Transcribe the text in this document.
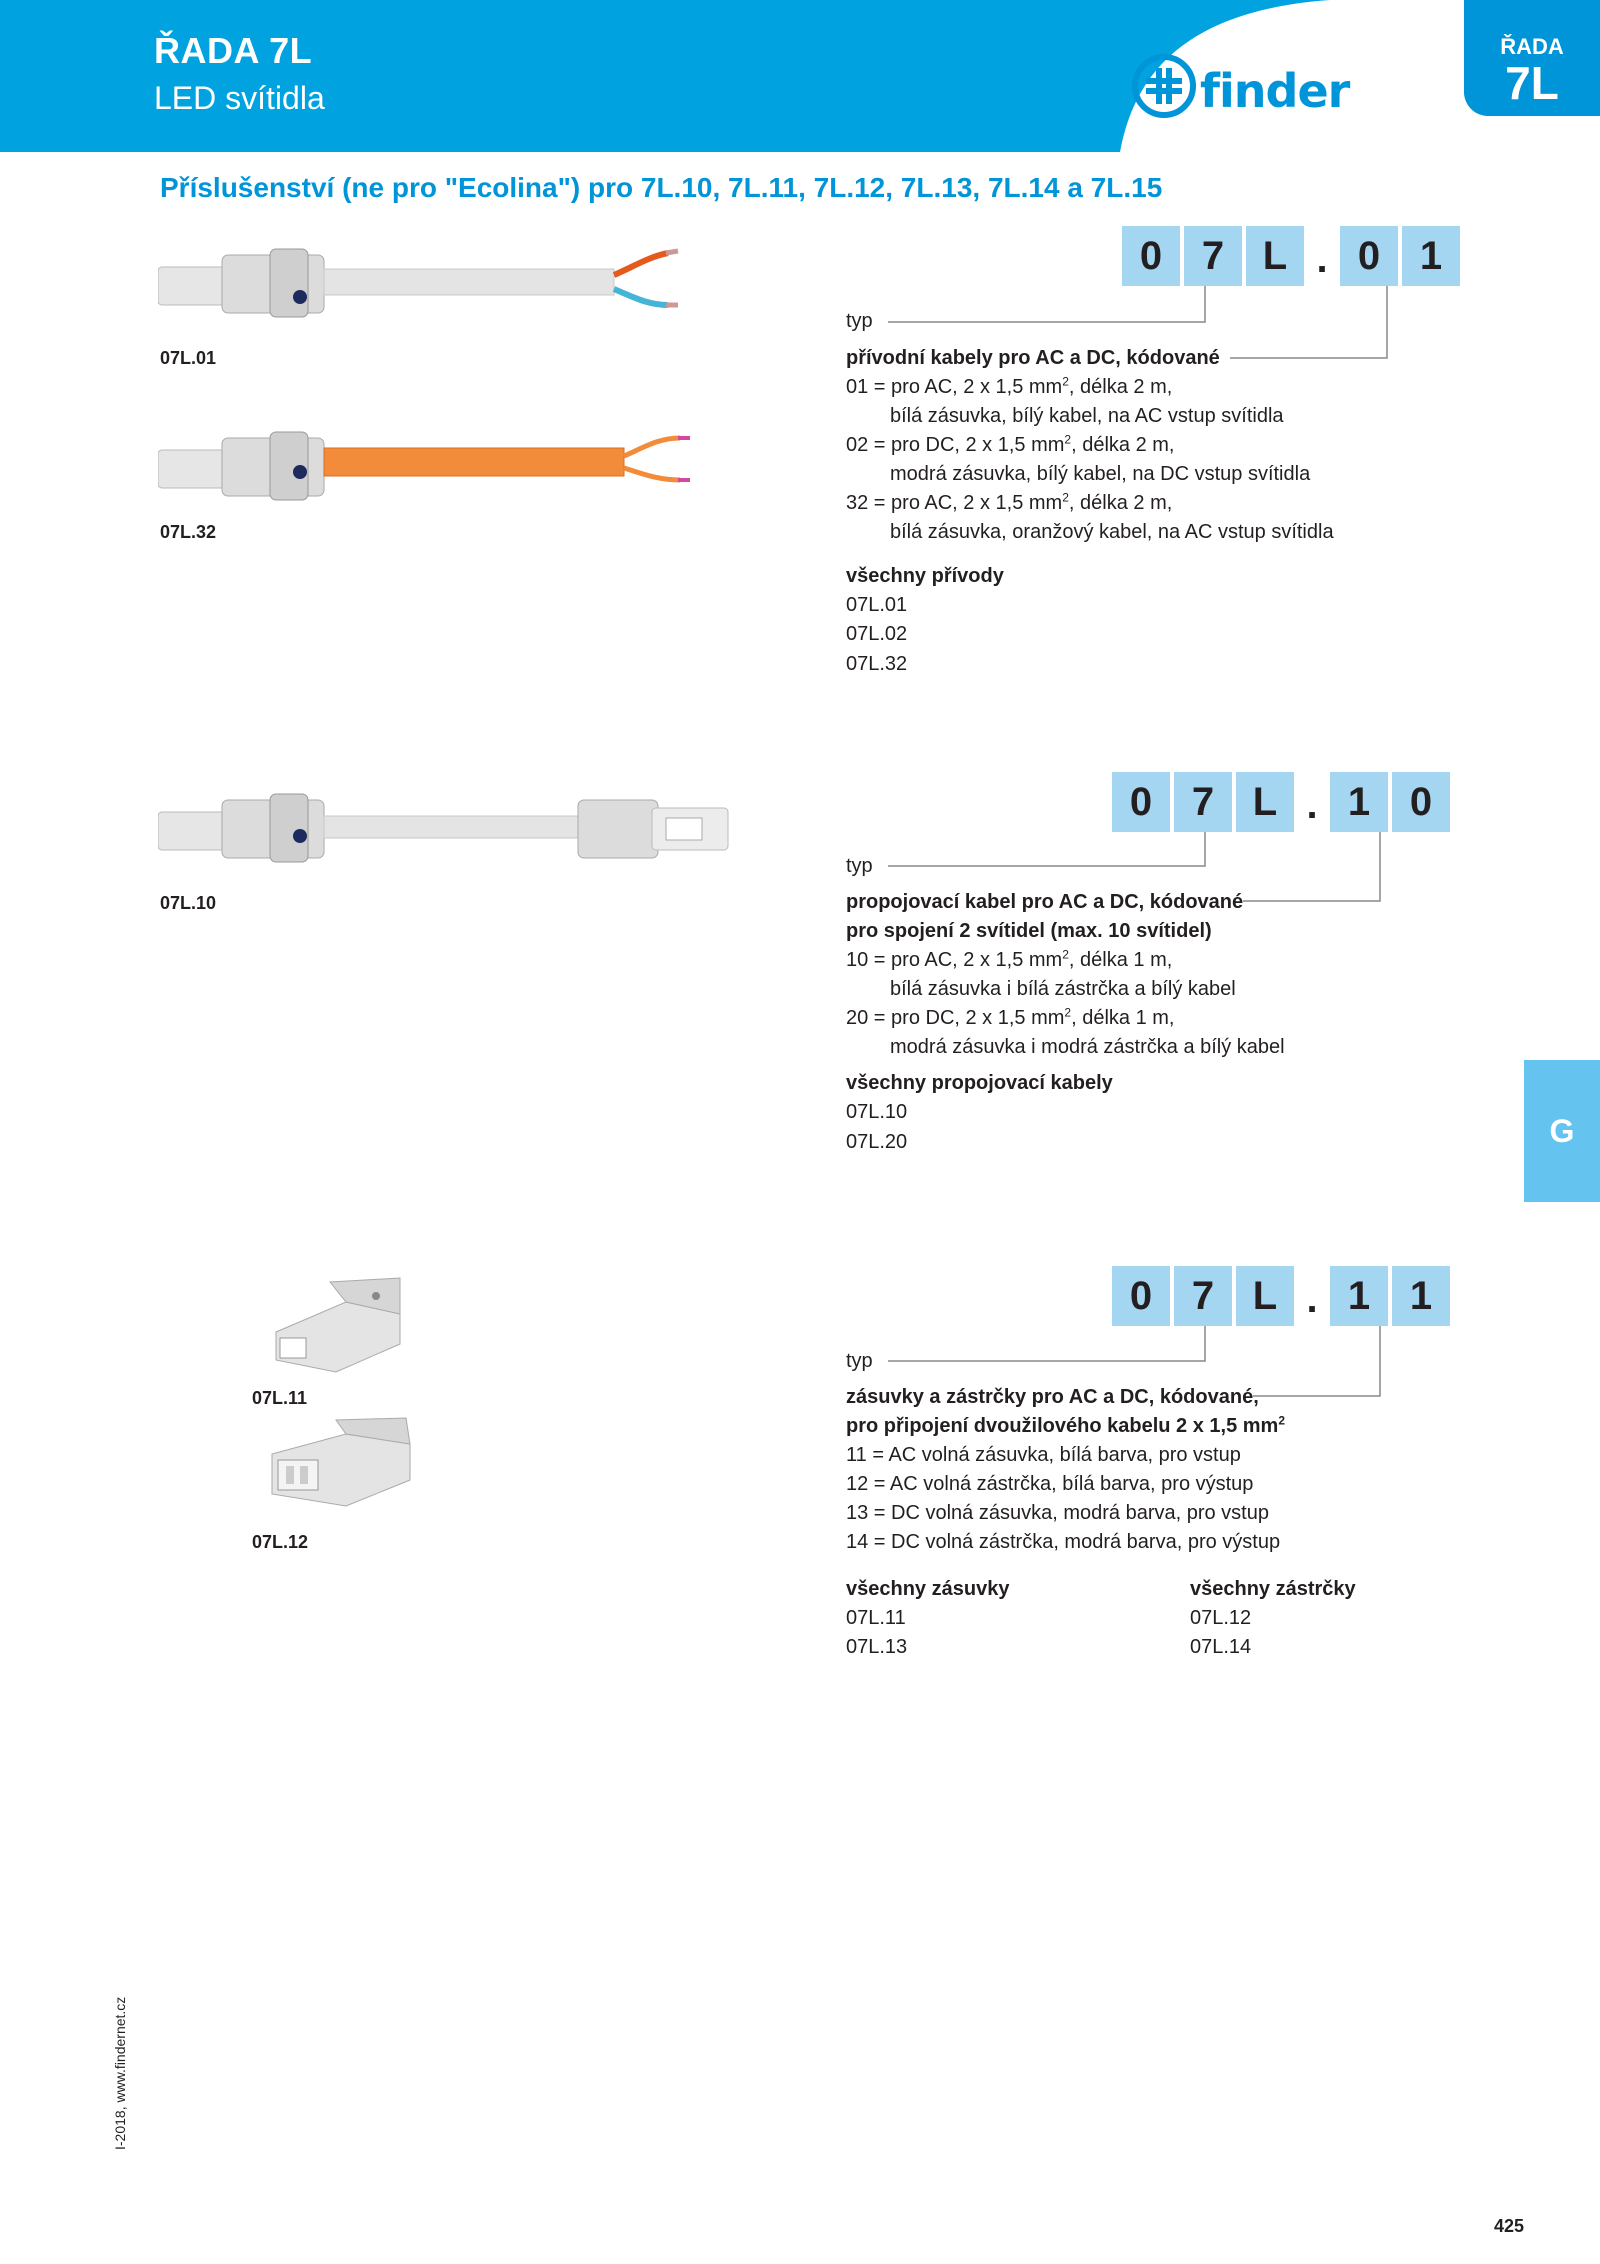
ŘADA 7L
LED svítidla	finder
ŘADA
7L
Příslušenství (ne pro "Ecolina") pro 7L.10, 7L.11, 7L.12, 7L.13, 7L.14 a 7L.15
0 7 L . 0 1
07L.01
07L.32
typ
přívodní kabely pro AC a DC, kódované
01 = pro AC, 2 x 1,5 $mm^2$, délka 2 m,
bílá zásuvka, bílý kabel, na AC vstup svítidla
02 = pro DC, 2 x 1,5 $mm^2$, délka 2 m,
modrá zásuvka, bílý kabel, na DC vstup svítidla
32 = pro AC, 2 x 1,5 $mm^2$, délka 2 m,
bílá zásuvka, oranžový kabel, na AC vstup svítidla
všechny přívody
07L.01
07L.02
07L.32
0 7 L . 1 0
07L.10
typ
propojovací kabel pro AC a DC, kódované
pro spojení 2 svítidel (max. 10 svítidel)
10 = pro AC, 2 x 1,5 $mm^2$, délka 1 m,
bílá zásuvka i bílá zástrčka a bílý kabel
20 = pro DC, 2 x 1,5 $mm^2$, délka 1 m,
modrá zásuvka i modrá zástrčka a bílý kabel
všechny propojovací kabely
07L.10
07L.20	G
0 7 L . 1 1
07L.11
07L.12
typ
zásuvky a zástrčky pro AC a DC, kódované,
pro připojení dvoužilového kabelu 2 x 1,5 $mm^2$
11 = AC volná zásuvka, bílá barva, pro vstup
12 = AC volná zástrčka, bílá barva, pro výstup
13 = DC volná zásuvka, modrá barva, pro vstup
14 = DC volná zástrčka, modrá barva, pro výstup
všechny zásuvky
07L.11
07L.13
všechny zástrčky
07L.12
07L.14
I-2018, www.findernet.cz
425
